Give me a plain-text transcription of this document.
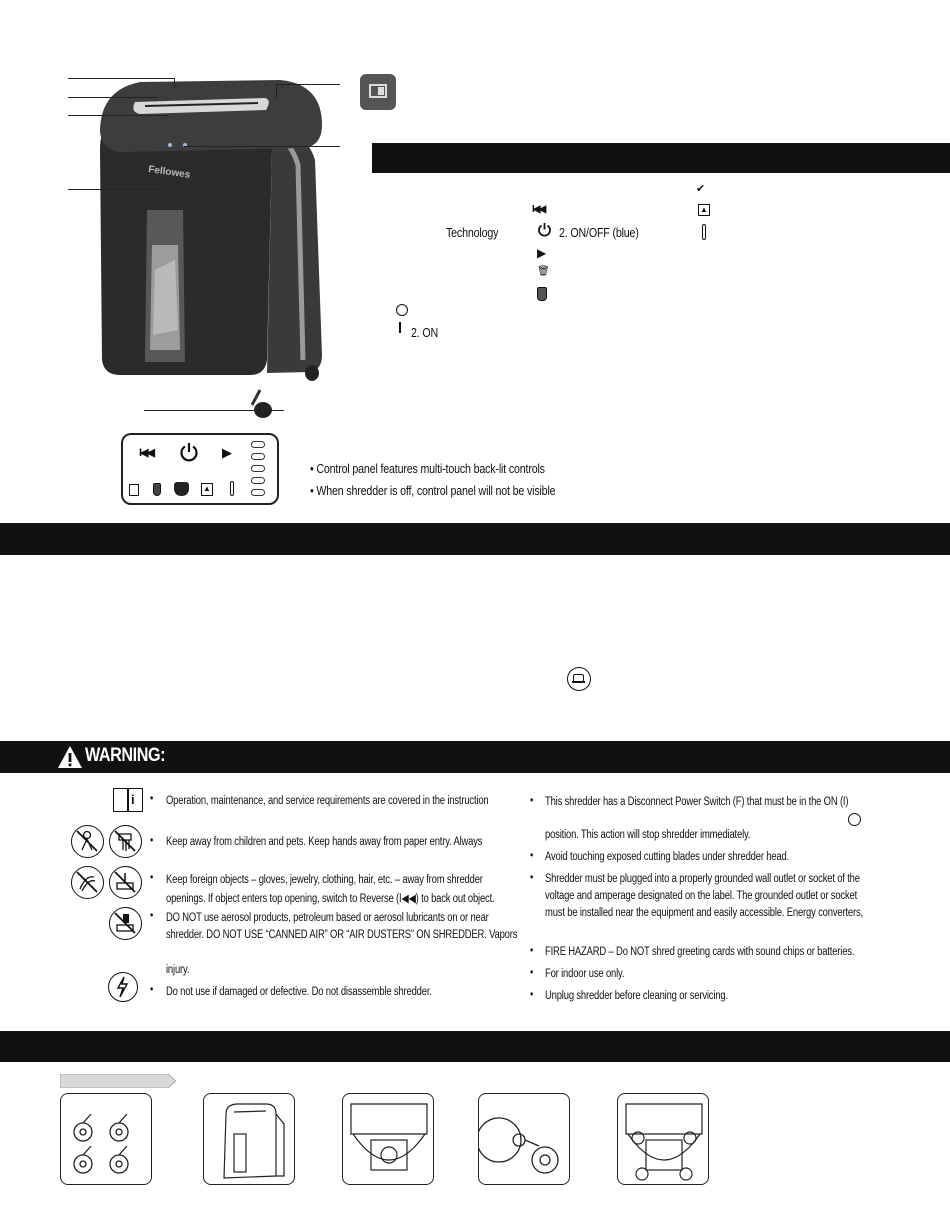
Fellowes
I◀◀
Technology	2. ON/OFF (blue)
▶
🗑
✔
▲
2. ON
I◀◀	▶
▲
• Control panel features multi-touch back-lit controls
• When shredder is off, control panel will not be visible
WARNING:
i • Operation, maintenance, and service requirements are covered in the instruction
• Keep away from children and pets. Keep hands away from paper entry. Always
• Keep foreign objects – gloves, jewelry, clothing, hair, etc. – away from shredder
openings. If object enters top opening, switch to Reverse (I◀◀) to back out object.
• DO NOT use aerosol products, petroleum based or aerosol lubricants on or near
shredder. DO NOT USE “CANNED AIR” OR “AIR DUSTERS” ON SHREDDER. Vapors
injury.
• Do not use if damaged or defective. Do not disassemble shredder.
• This shredder has a Disconnect Power Switch (F) that must be in the ON (I)
position. This action will stop shredder immediately.
• Avoid touching exposed cutting blades under shredder head.
• Shredder must be plugged into a properly grounded wall outlet or socket of the
voltage and amperage designated on the label. The grounded outlet or socket
must be installed near the equipment and easily accessible. Energy converters,
• FIRE HAZARD – Do NOT shred greeting cards with sound chips or batteries.
• For indoor use only.
• Unplug shredder before cleaning or servicing.
